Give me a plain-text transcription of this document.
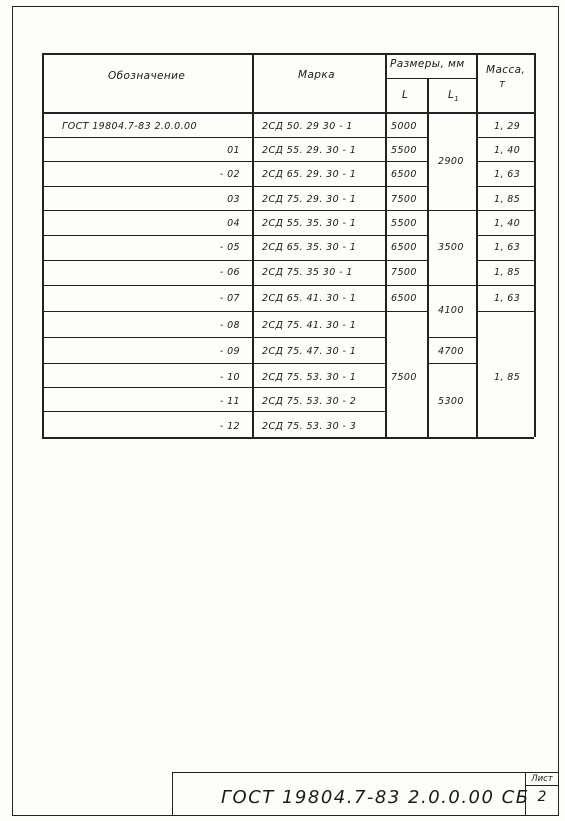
Обозначение	Марка
Размеры, мм
L	$L_1$
Масса,
т
ГОСТ 19804.7-83 2.0.0.00
01
- 02
03
04
- 05
- 06
- 07
- 08
- 09
- 10
- 11
- 12
2СД 50. 29 30 - 1
2СД 55. 29. 30 - 1
2СД 65. 29. 30 - 1
2СД 75. 29. 30 - 1
2СД 55. 35. 30 - 1
2СД 65. 35. 30 - 1
2СД 75. 35 30 - 1
2СД 65. 41. 30 - 1
2СД 75. 41. 30 - 1
2СД 75. 47. 30 - 1
2СД 75. 53. 30 - 1
2СД 75. 53. 30 - 2
2СД 75. 53. 30 - 3
5000
5500
6500
7500
5500
6500
7500
6500
7500
2900
3500
4100
4700
5300
1, 29
1, 40
1, 63
1, 85
1, 40
1, 63
1, 85
1, 63
1, 85
ГОСТ 19804.7-83 2.0.0.00 СБ
Лист
2
